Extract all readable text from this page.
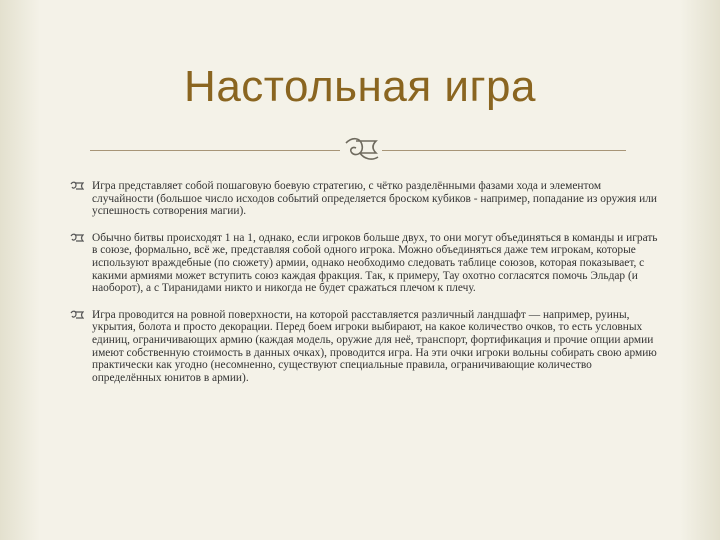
Настольная игра
Игра представляет собой пошаговую боевую стратегию, с чётко разделёнными фазами хода и элементом случайности (большое число исходов событий определяется броском кубиков - например, попадание из оружия или успешность сотворения магии).
Обычно битвы происходят 1 на 1, однако, если игроков больше двух, то они могут объединяться в команды и играть в союзе, формально, всё же, представляя собой одного игрока. Можно объединяться даже тем игрокам, которые используют враждебные (по сюжету) армии, однако необходимо следовать таблице союзов, которая показывает, с какими армиями может вступить союз каждая фракция. Так, к примеру, Тау охотно согласятся помочь Эльдар (и наоборот), а с Тиранидами никто и никогда не будет сражаться плечом к плечу.
Игра проводится на ровной поверхности, на которой расставляется различный ландшафт — например, руины, укрытия, болота и просто декорации. Перед боем игроки выбирают, на какое количество очков, то есть условных единиц, ограничивающих армию (каждая модель, оружие для неё, транспорт, фортификация и прочие опции армии имеют собственную стоимость в данных очках), проводится игра. На эти очки игроки вольны собирать свою армию практически как угодно (несомненно, существуют специальные правила, ограничивающие количество определённых юнитов в армии).
